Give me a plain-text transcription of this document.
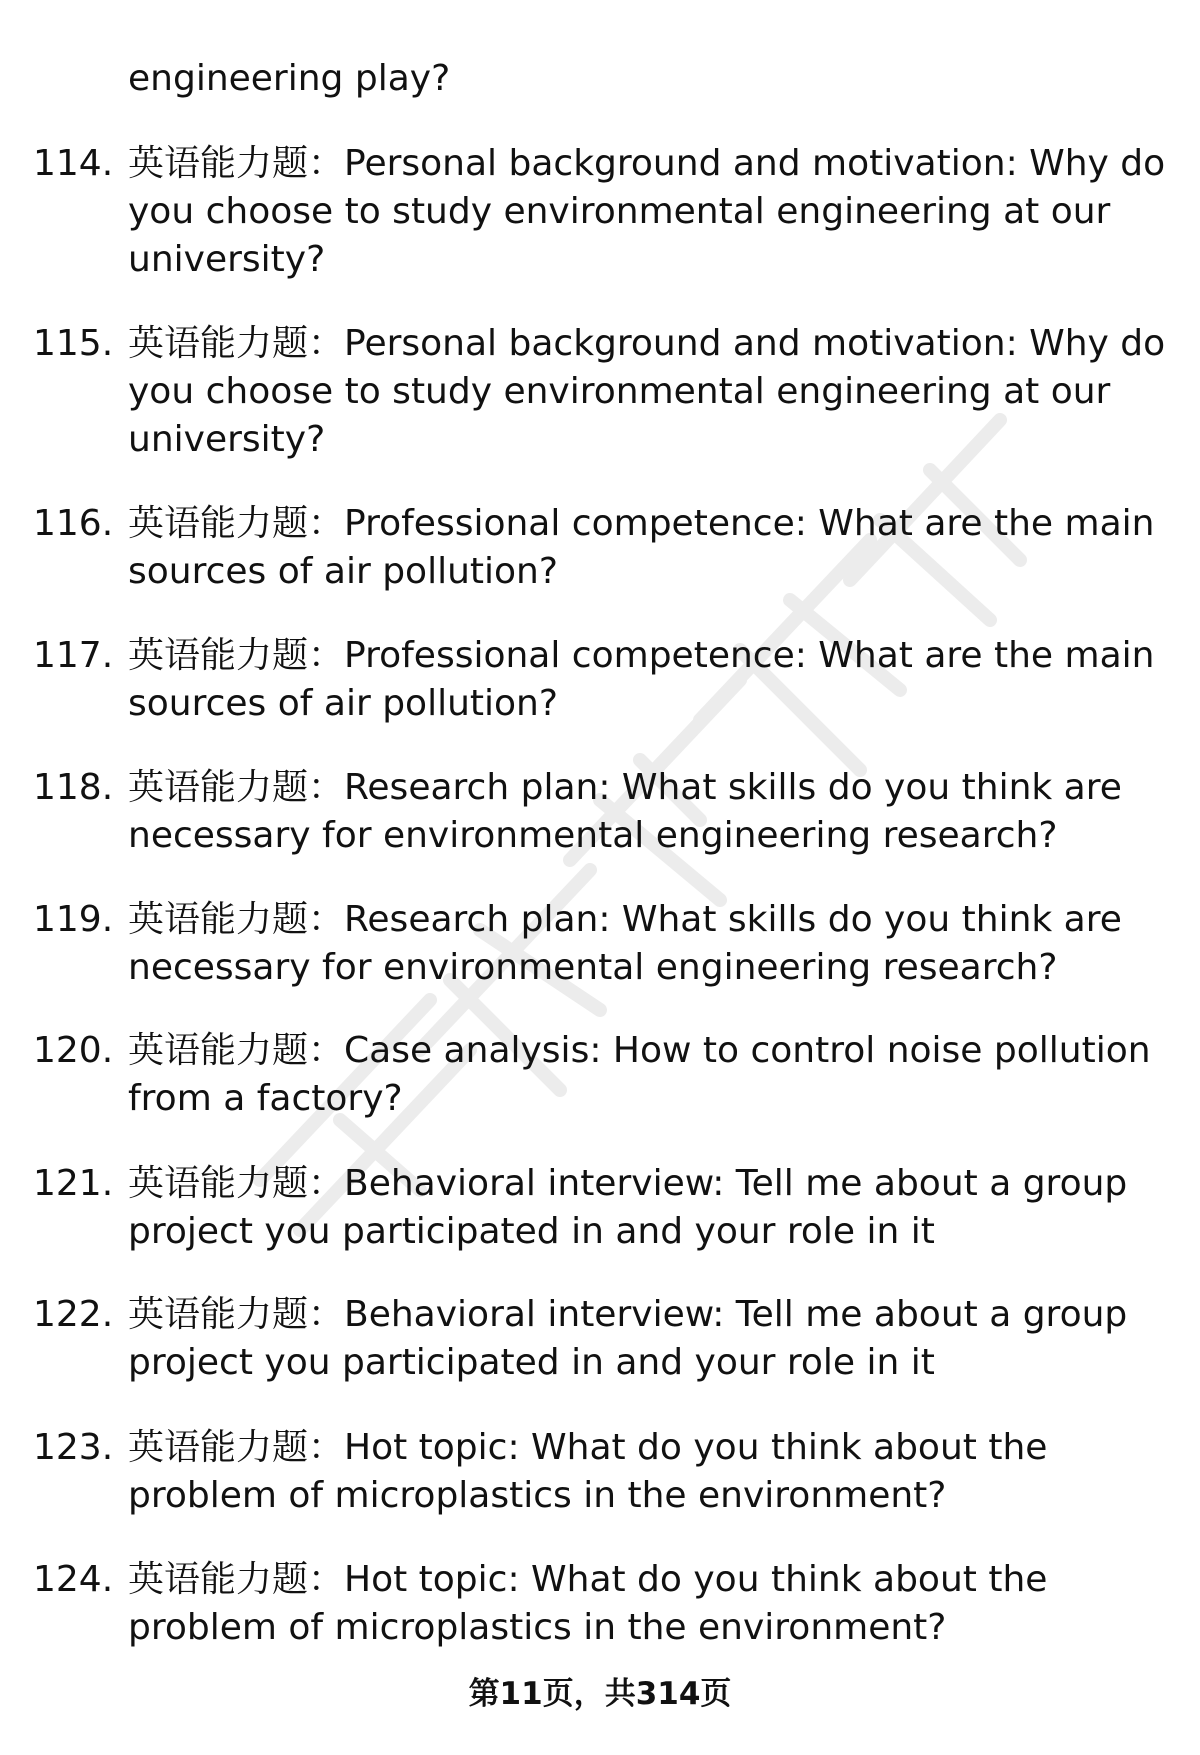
engineering play?

114. 英语能力题：Personal background and motivation: Why do
you choose to study environmental engineering at our
university?

115. 英语能力题：Personal background and motivation: Why do
you choose to study environmental engineering at our
university?

116. 英语能力题：Professional competence: What are the main
sources of air pollution?

117. 英语能力题：Professional competence: What are the main
sources of air pollution?

118. 英语能力题：Research plan: What skills do you think are
necessary for environmental engineering research?

119. 英语能力题：Research plan: What skills do you think are
necessary for environmental engineering research?

120. 英语能力题：Case analysis: How to control noise pollution
from a factory?

121. 英语能力题：Behavioral interview: Tell me about a group
project you participated in and your role in it

122. 英语能力题：Behavioral interview: Tell me about a group
project you participated in and your role in it

123. 英语能力题：Hot topic: What do you think about the
problem of microplastics in the environment?

124. 英语能力题：Hot topic: What do you think about the
problem of microplastics in the environment?

第11页，共314页
